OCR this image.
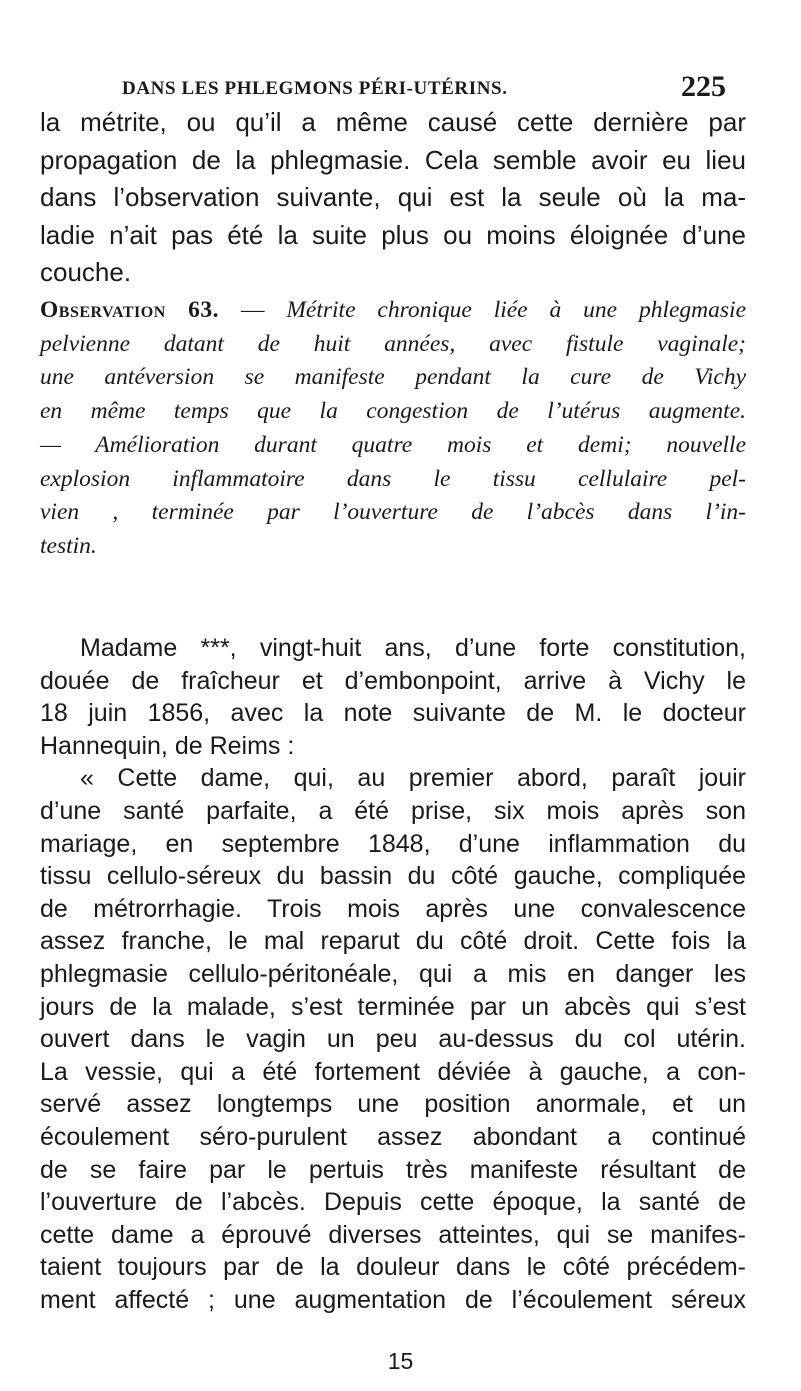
DANS LES PHLEGMONS PÉRI-UTÉRINS.	225
la métrite, ou qu’il a même causé cette dernière par
propagation de la phlegmasie. Cela semble avoir eu lieu
dans l’observation suivante, qui est la seule où la ma-
ladie n’ait pas été la suite plus ou moins éloignée d’une
couche.
Observation 63. — Métrite chronique liée à une phlegmasie
pelvienne datant de huit années, avec fistule vaginale;
une antéversion se manifeste pendant la cure de Vichy
en même temps que la congestion de l’utérus augmente.
— Amélioration durant quatre mois et demi; nouvelle
explosion inflammatoire dans le tissu cellulaire pel-
vien , terminée par l’ouverture de l’abcès dans l’in-
testin.
Madame ***, vingt-huit ans, d’une forte constitution,
douée de fraîcheur et d’embonpoint, arrive à Vichy le
18 juin 1856, avec la note suivante de M. le docteur
Hannequin, de Reims :
« Cette dame, qui, au premier abord, paraît jouir
d’une santé parfaite, a été prise, six mois après son
mariage, en septembre 1848, d’une inflammation du
tissu cellulo-séreux du bassin du côté gauche, compliquée
de métrorrhagie. Trois mois après une convalescence
assez franche, le mal reparut du côté droit. Cette fois la
phlegmasie cellulo-péritonéale, qui a mis en danger les
jours de la malade, s’est terminée par un abcès qui s’est
ouvert dans le vagin un peu au-dessus du col utérin.
La vessie, qui a été fortement déviée à gauche, a con-
servé assez longtemps une position anormale, et un
écoulement séro-purulent assez abondant a continué
de se faire par le pertuis très manifeste résultant de
l’ouverture de l’abcès. Depuis cette époque, la santé de
cette dame a éprouvé diverses atteintes, qui se manifes-
taient toujours par de la douleur dans le côté précédem-
ment affecté ; une augmentation de l’écoulement séreux
15
